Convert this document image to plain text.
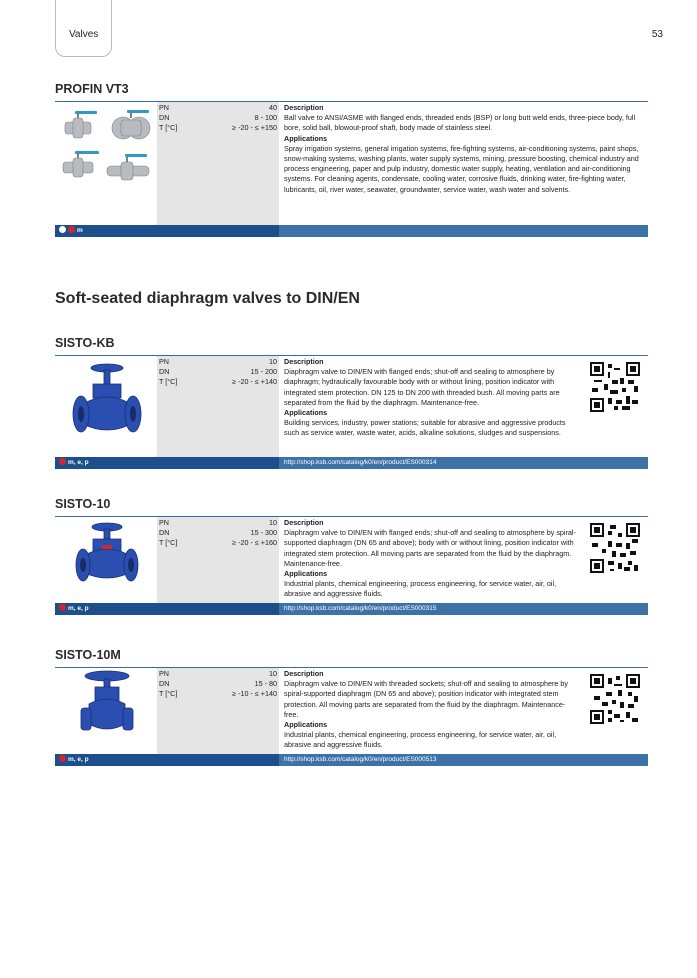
Valves	53
PROFIN VT3
PN	40
DN	8 - 100
T [°C]	≥ -20 - ≤ +150
Description
Ball valve to ANSI/ASME with flanged ends, threaded ends (BSP) or long butt weld ends, three-piece body, full bore, solid ball, blowout-proof shaft, body made of stainless steel.
Applications
Spray irrigation systems, general irrigation systems, fire-fighting systems, air-conditioning systems, paint shops, snow-making systems, washing plants, water supply systems, mining, pressure boosting, chemical industry and process engineering, paper and pulp industry, domestic water supply, heating, ventilation and air-conditioning systems. For cleaning agents, condensate, cooling water, corrosive fluids, drinking water, fire-fighting water, lubricants, oil, river water, seawater, groundwater, service water, wash water and solvents.
m
Soft-seated diaphragm valves to DIN/EN
SISTO-KB
PN	10
DN	15 - 200
T [°C]	≥ -20 - ≤ +140
Description
Diaphragm valve to DIN/EN with flanged ends; shut-off and sealing to atmosphere by diaphragm; hydraulically favourable body with or without lining, position indicator with integrated stem protection. DN 125 to DN 200 with threaded bush. All moving parts are separated from the fluid by the diaphragm. Maintenance-free.
Applications
Building services, industry, power stations; suitable for abrasive and aggressive products such as service water, waste water, acids, alkaline solutions, sludges and suspensions.
m, e, p	http://shop.ksb.com/catalog/k0/en/product/ES000314
SISTO-10
PN	10
DN	15 - 300
T [°C]	≥ -20 - ≤ +160
Description
Diaphragm valve to DIN/EN with flanged ends; shut-off and sealing to atmosphere by spiral-supported diaphragm (DN 65 and above); body with or without lining, position indicator with integrated stem protection. All moving parts are separated from the fluid by the diaphragm. Maintenance-free.
Applications
Industrial plants, chemical engineering, process engineering, for service water, air, oil, abrasive and aggressive fluids.
m, e, p	http://shop.ksb.com/catalog/k0/en/product/ES000315
SISTO-10M
PN	10
DN	15 - 80
T [°C]	≥ -10 - ≤ +140
Description
Diaphragm valve to DIN/EN with threaded sockets; shut-off and sealing to atmosphere by spiral-supported diaphragm (DN 65 and above); position indicator with integrated stem protection. All moving parts are separated from the fluid by the diaphragm. Maintenance-free.
Applications
Industrial plants, chemical engineering, process engineering, for service water, air, oil, abrasive and aggressive fluids.
m, e, p	http://shop.ksb.com/catalog/k0/en/product/ES000513
